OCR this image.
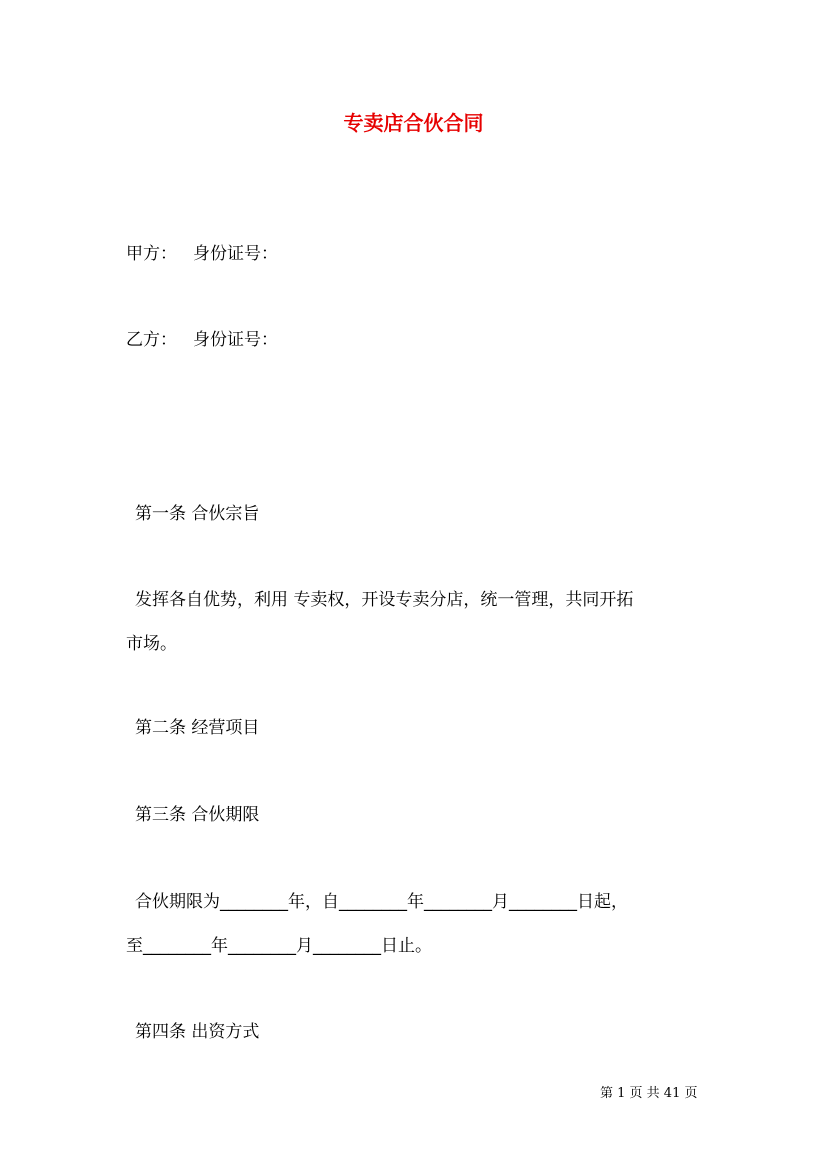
专卖店合伙合同
甲方： 身份证号：
乙方： 身份证号：
第一条 合伙宗旨
发挥各自优势，利用 专卖权，开设专卖分店，统一管理，共同开拓
市场。
第二条 经营项目
第三条 合伙期限
合伙期限为________年，自________年________月________日起，
至________年________月________日止。
第四条 出资方式
第 1 页 共 41 页
